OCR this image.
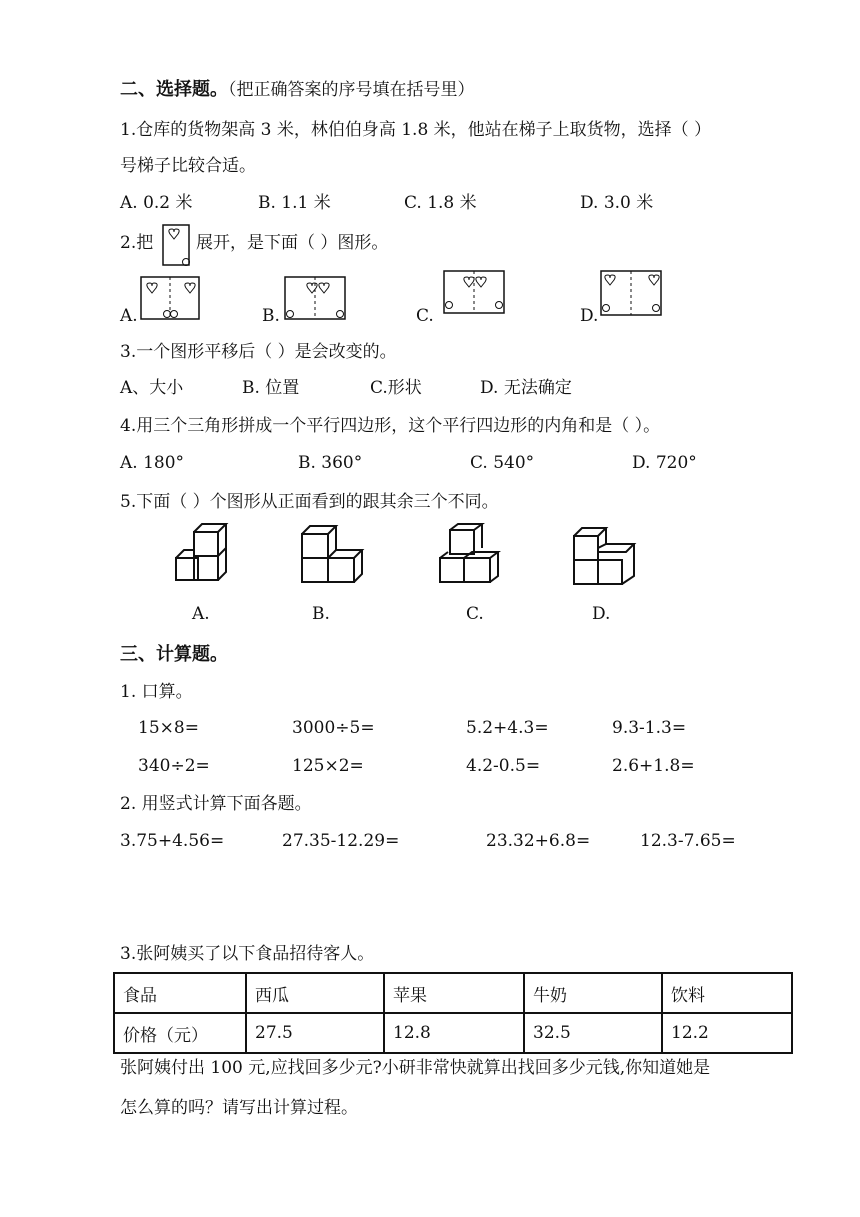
二、选择题。（把正确答案的序号填在括号里）
1.仓库的货物架高 3 米，林伯伯身高 1.8 米，他站在梯子上取货物，选择（ ）
号梯子比较合适。
A. 0.2 米	B. 1.1 米	C. 1.8 米	D. 3.0 米
2.把	展开，是下面（ ）图形。
A.	B.	C.	D.
3.一个图形平移后（ ）是会改变的。
A、大小	B. 位置	C.形状	D. 无法确定
4.用三个三角形拼成一个平行四边形，这个平行四边形的内角和是（ ）。
A. 180°	B. 360°	C. 540°	D. 720°
5.下面（ ）个图形从正面看到的跟其余三个不同。
A.	B.	C.	D.
三、计算题。
1. 口算。
15×8=	3000÷5=	5.2+4.3=	9.3-1.3=
340÷2=	125×2=	4.2-0.5=	2.6+1.8=
2. 用竖式计算下面各题。
3.75+4.56=	27.35-12.29=	23.32+6.8=	12.3-7.65=
3.张阿姨买了以下食品招待客人。
食品	西瓜	苹果	牛奶	饮料
价格（元）	27.5	12.8	32.5	12.2
张阿姨付出 100 元,应找回多少元?小研非常快就算出找回多少元钱,你知道她是
怎么算的吗？请写出计算过程。
